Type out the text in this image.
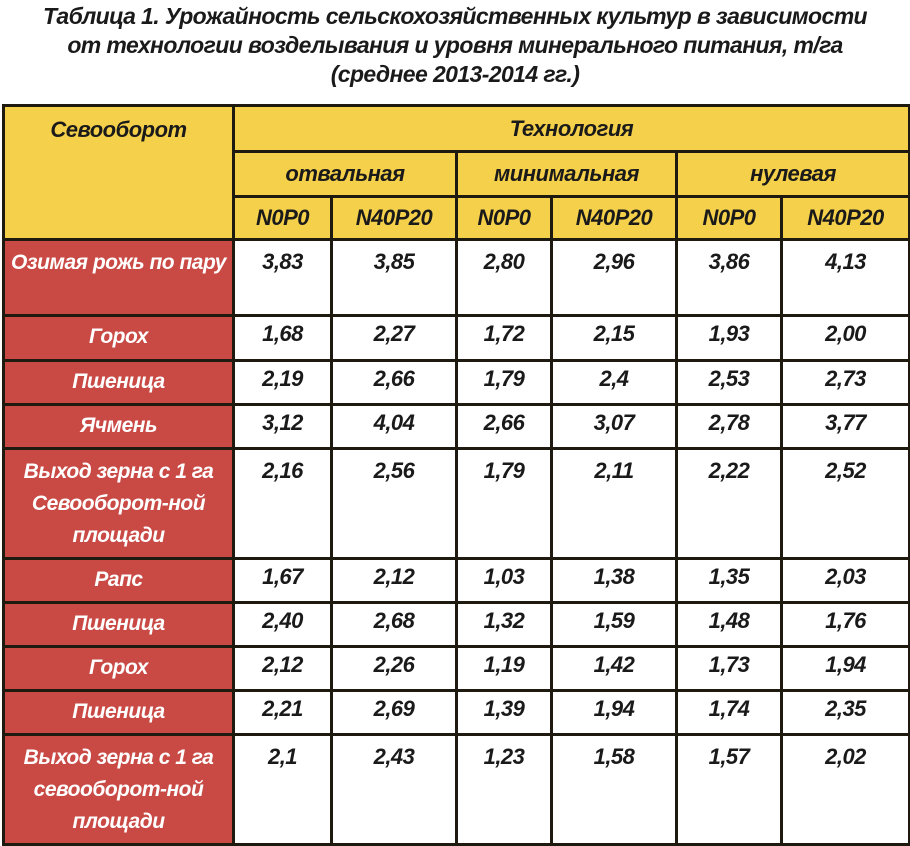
Таблица 1. Урожайность сельскохозяйственных культур в зависимости
от технологии возделывания и уровня минерального питания, т/га
(среднее 2013-2014 гг.)
Севооборот	Технология					
	отвальная		минимальная		нулевая	
	N0P0	N40P20	N0P0	N40P20	N0P0	N40P20
Озимая рожь по пару	3,83	3,85	2,80	2,96	3,86	4,13
Горох	1,68	2,27	1,72	2,15	1,93	2,00
Пшеница	2,19	2,66	1,79	2,4	2,53	2,73
Ячмень	3,12	4,04	2,66	3,07	2,78	3,77
Выход зерна с 1 га Севооборот-ной площади	2,16	2,56	1,79	2,11	2,22	2,52
Рапс	1,67	2,12	1,03	1,38	1,35	2,03
Пшеница	2,40	2,68	1,32	1,59	1,48	1,76
Горох	2,12	2,26	1,19	1,42	1,73	1,94
Пшеница	2,21	2,69	1,39	1,94	1,74	2,35
Выход зерна с 1 га севооборот-ной площади	2,1	2,43	1,23	1,58	1,57	2,02
